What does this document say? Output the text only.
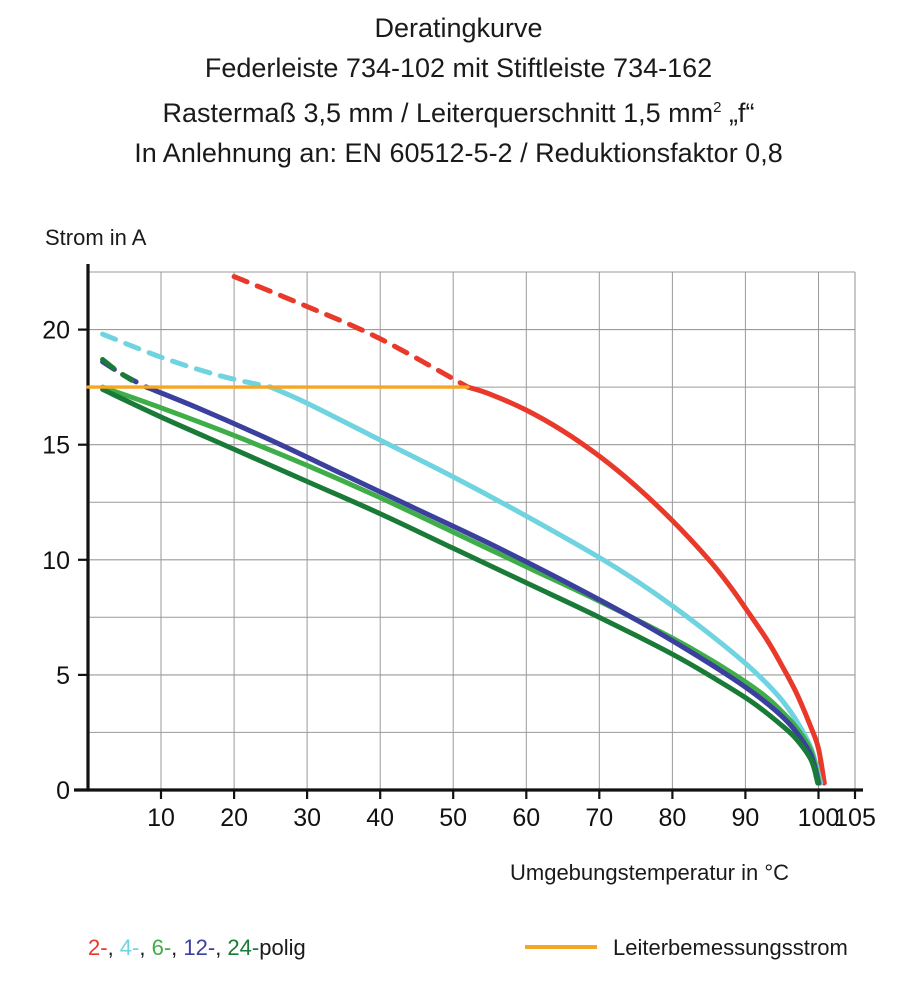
Deratingkurve
Federleiste 734-102 mit Stiftleiste 734-162
Rastermaß 3,5 mm / Leiterquerschnitt 1,5 $mm^2$ „f“
In Anlehnung an: EN 60512-5-2 / Reduktionsfaktor 0,8
Strom in A
Umgebungstemperatur in °C
10 20 30 40 50 60 70 80 90 100
105
0
5
10
15
20
2-, 4-, 6-, 12-, 24-polig	Leiterbemessungsstrom
